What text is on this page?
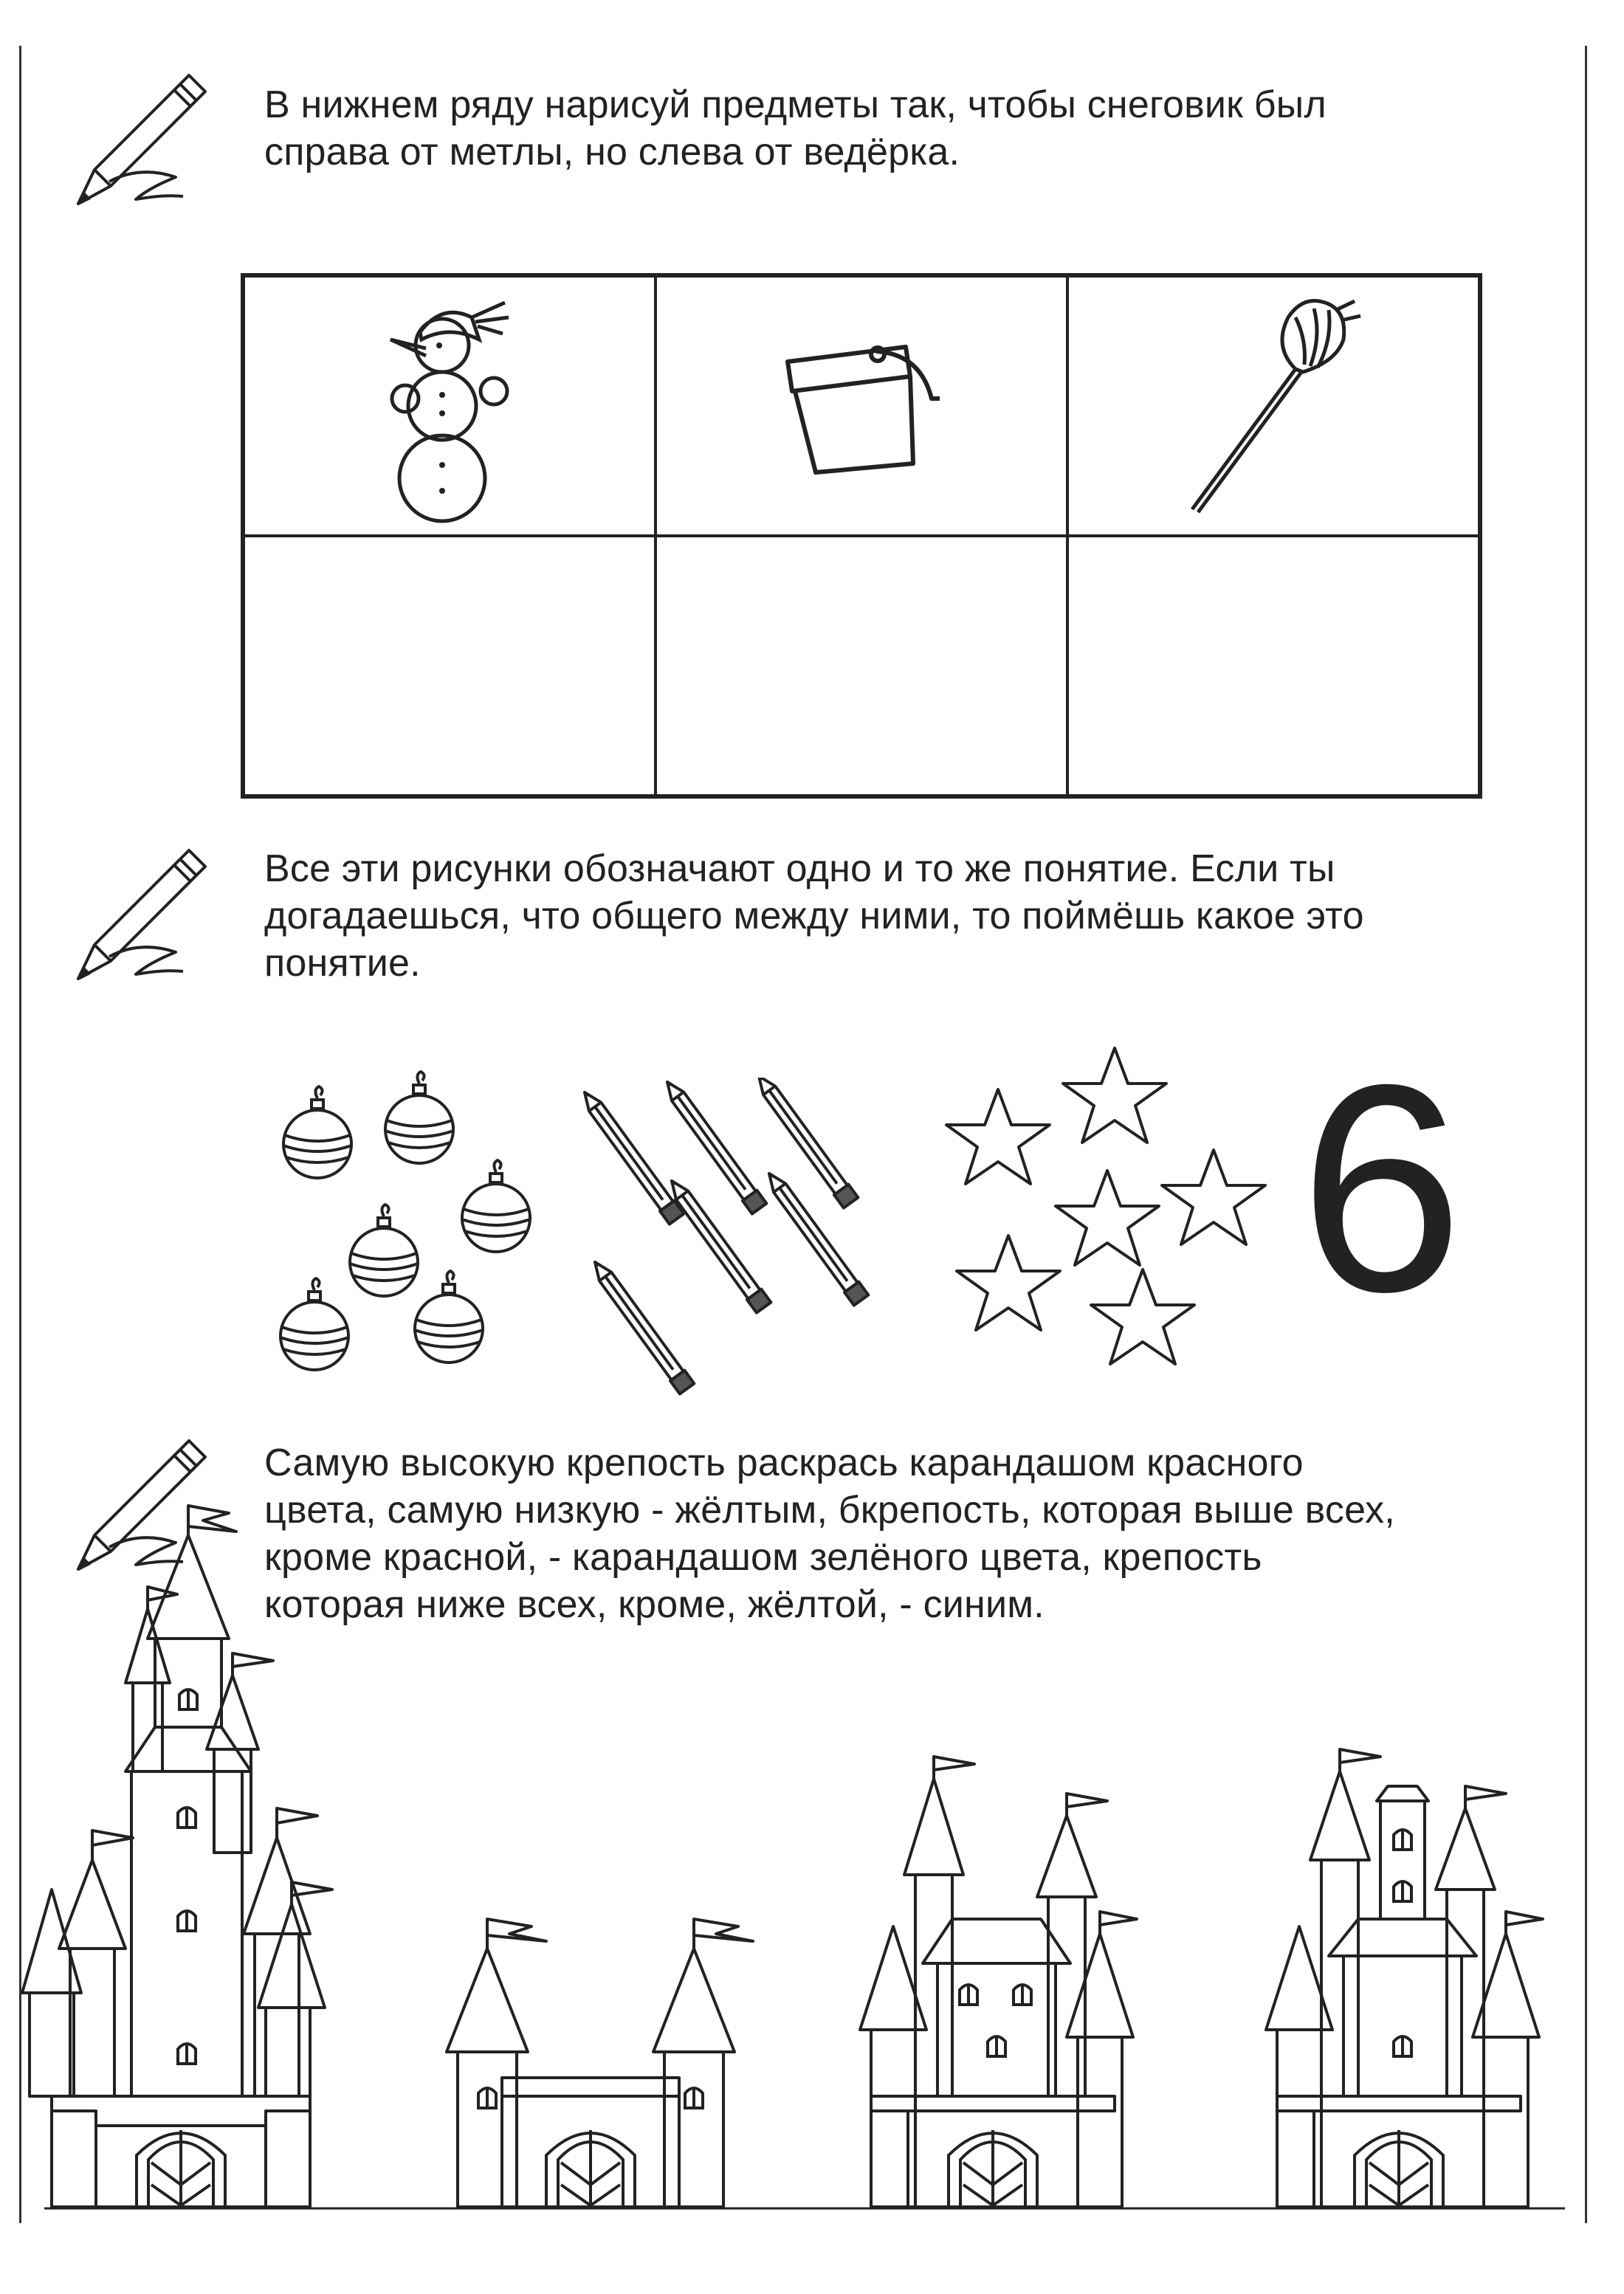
В нижнем ряду нарисуй предметы так, чтобы снеговик был
справа от метлы, но слева от ведёрка.
Все эти рисунки обозначают одно и то же понятие. Если ты
догадаешься, что общего между ними, то поймёшь какое это
понятие.
6
Самую высокую крепость раскрась карандашом красного
цвета, самую низкую - жёлтым, бкрепость, которая выше всех,
кроме красной, - карандашом зелёного цвета, крепость
которая ниже всех, кроме, жёлтой, - синим.
